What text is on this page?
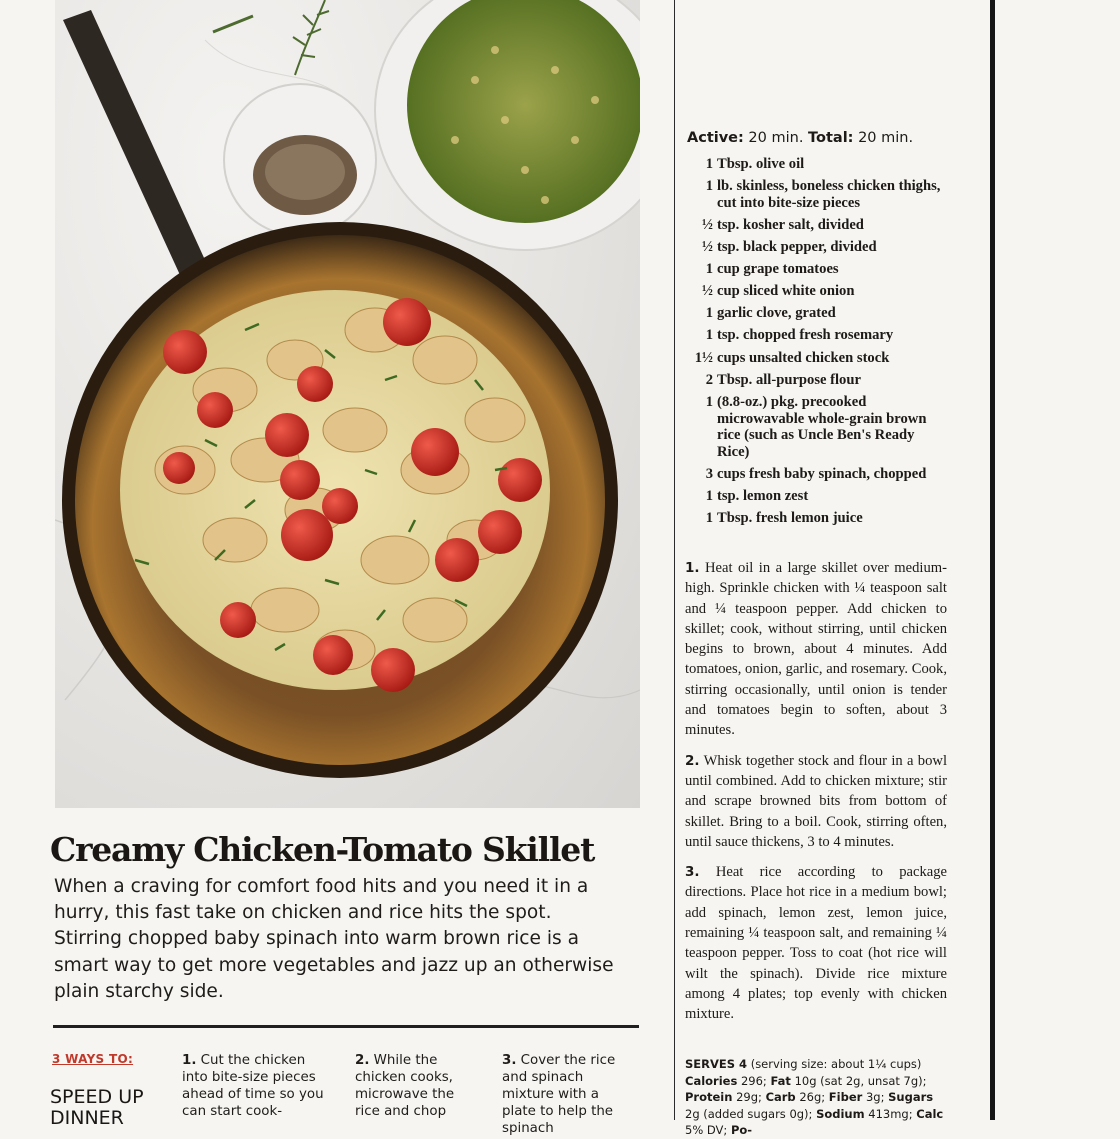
Active: 20 min. Total: 20 min.
1 Tbsp. olive oil
1 lb. skinless, boneless chicken thighs, cut into bite-size pieces
½ tsp. kosher salt, divided
½ tsp. black pepper, divided
1 cup grape tomatoes
½ cup sliced white onion
1 garlic clove, grated
1 tsp. chopped fresh rosemary
1½ cups unsalted chicken stock
2 Tbsp. all-purpose flour
1 (8.8-oz.) pkg. precooked microwavable whole-grain brown rice (such as Uncle Ben's Ready Rice)
3 cups fresh baby spinach, chopped
1 tsp. lemon zest
1 Tbsp. fresh lemon juice

1. Heat oil in a large skillet over medium-high. Sprinkle chicken with ¼ teaspoon salt and ¼ teaspoon pepper. Add chicken to skillet; cook, without stirring, until chicken begins to brown, about 4 minutes. Add tomatoes, onion, garlic, and rosemary. Cook, stirring occasionally, until onion is tender and tomatoes begin to soften, about 3 minutes.

2. Whisk together stock and flour in a bowl until combined. Add to chicken mixture; stir and scrape browned bits from bottom of skillet. Bring to a boil. Cook, stirring often, until sauce thickens, 3 to 4 minutes.

3. Heat rice according to package directions. Place hot rice in a medium bowl; add spinach, lemon zest, lemon juice, remaining ¼ teaspoon salt, and remaining ¼ teaspoon pepper. Toss to coat (hot rice will wilt the spinach). Divide rice mixture among 4 plates; top evenly with chicken mixture.

SERVES 4 (serving size: about 1¼ cups) Calories 296; Fat 10g (sat 2g, unsat 7g); Protein 29g; Carb 26g; Fiber 3g; Sugars 2g (added sugars 0g); Sodium 413mg; Calc 5% DV; Po-
Creamy Chicken-Tomato Skillet

When a craving for comfort food hits and you need it in a hurry, this fast take on chicken and rice hits the spot. Stirring chopped baby spinach into warm brown rice is a smart way to get more vegetables and jazz up an otherwise plain starchy side.

3 WAYS TO:
SPEED UP DINNER
1. Cut the chicken into bite-size pieces ahead of time so you can start cook-
2. While the chicken cooks, microwave the rice and chop
3. Cover the rice and spinach mixture with a plate to help the spinach
